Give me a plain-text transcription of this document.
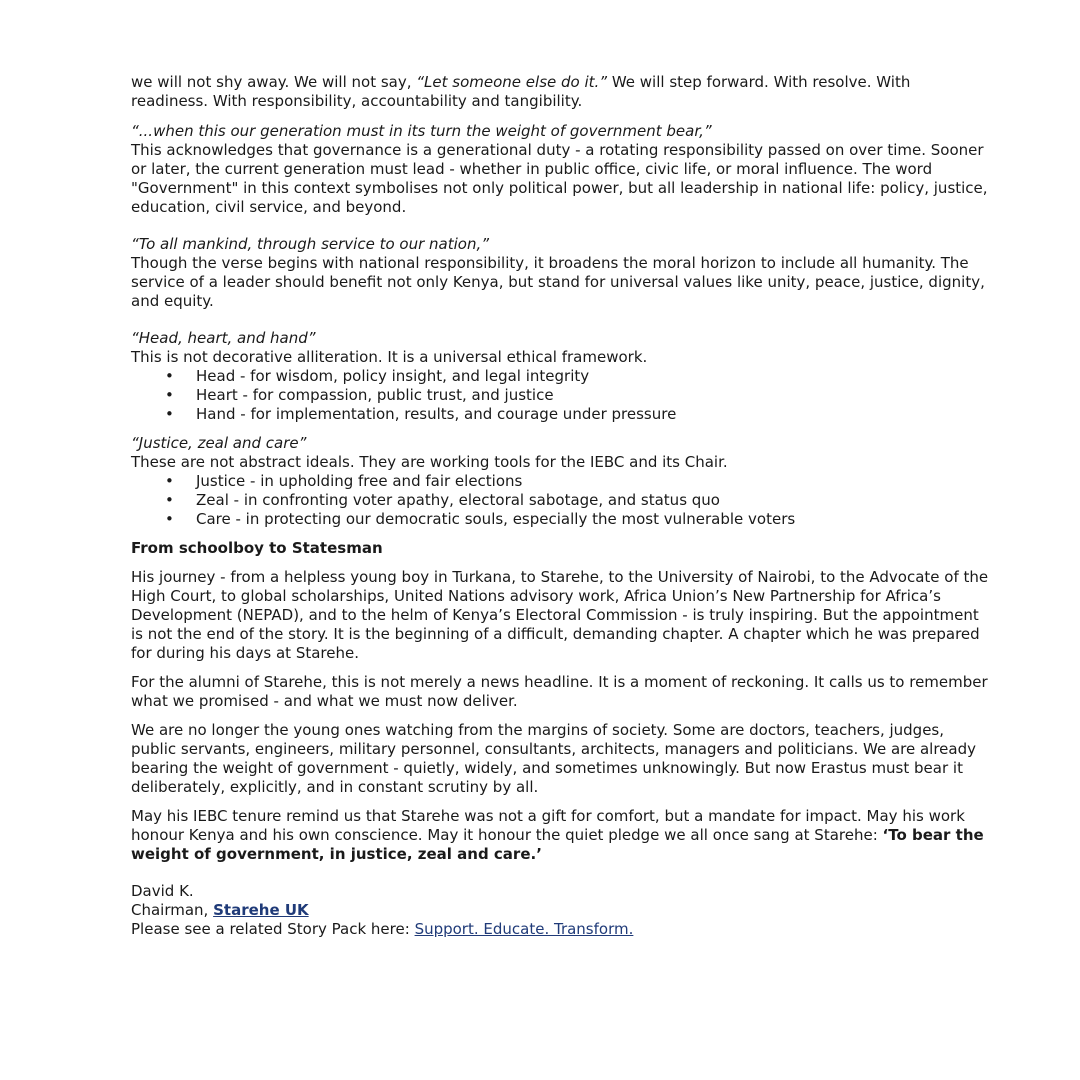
we will not shy away. We will not say, “Let someone else do it.” We will step forward. With resolve. With readiness. With responsibility, accountability and tangibility.

“...when this our generation must in its turn the weight of government bear,”

This acknowledges that governance is a generational duty - a rotating responsibility passed on over time. Sooner or later, the current generation must lead - whether in public office, civic life, or moral influence. The word "Government" in this context symbolises not only political power, but all leadership in national life: policy, justice, education, civil service, and beyond.

“To all mankind, through service to our nation,”

Though the verse begins with national responsibility, it broadens the moral horizon to include all humanity. The service of a leader should benefit not only Kenya, but stand for universal values like unity, peace, justice, dignity, and equity.

“Head, heart, and hand”

This is not decorative alliteration. It is a universal ethical framework.

• Head - for wisdom, policy insight, and legal integrity
• Heart - for compassion, public trust, and justice
• Hand - for implementation, results, and courage under pressure

“Justice, zeal and care”

These are not abstract ideals. They are working tools for the IEBC and its Chair.

• Justice - in upholding free and fair elections
• Zeal - in confronting voter apathy, electoral sabotage, and status quo
• Care - in protecting our democratic souls, especially the most vulnerable voters
From schoolboy to Statesman

His journey - from a helpless young boy in Turkana, to Starehe, to the University of Nairobi, to the Advocate of the High Court, to global scholarships, United Nations advisory work, Africa Union’s New Partnership for Africa’s Development (NEPAD), and to the helm of Kenya’s Electoral Commission - is truly inspiring. But the appointment is not the end of the story. It is the beginning of a difficult, demanding chapter. A chapter which he was prepared for during his days at Starehe.

For the alumni of Starehe, this is not merely a news headline. It is a moment of reckoning. It calls us to remember what we promised - and what we must now deliver.

We are no longer the young ones watching from the margins of society. Some are doctors, teachers, judges, public servants, engineers, military personnel, consultants, architects, managers and politicians. We are already bearing the weight of government - quietly, widely, and sometimes unknowingly. But now Erastus must bear it deliberately, explicitly, and in constant scrutiny by all.

May his IEBC tenure remind us that Starehe was not a gift for comfort, but a mandate for impact. May his work honour Kenya and his own conscience. May it honour the quiet pledge we all once sang at Starehe: ‘To bear the weight of government, in justice, zeal and care.’

David K.

Chairman, Starehe UK

Please see a related Story Pack here: Support. Educate. Transform.
